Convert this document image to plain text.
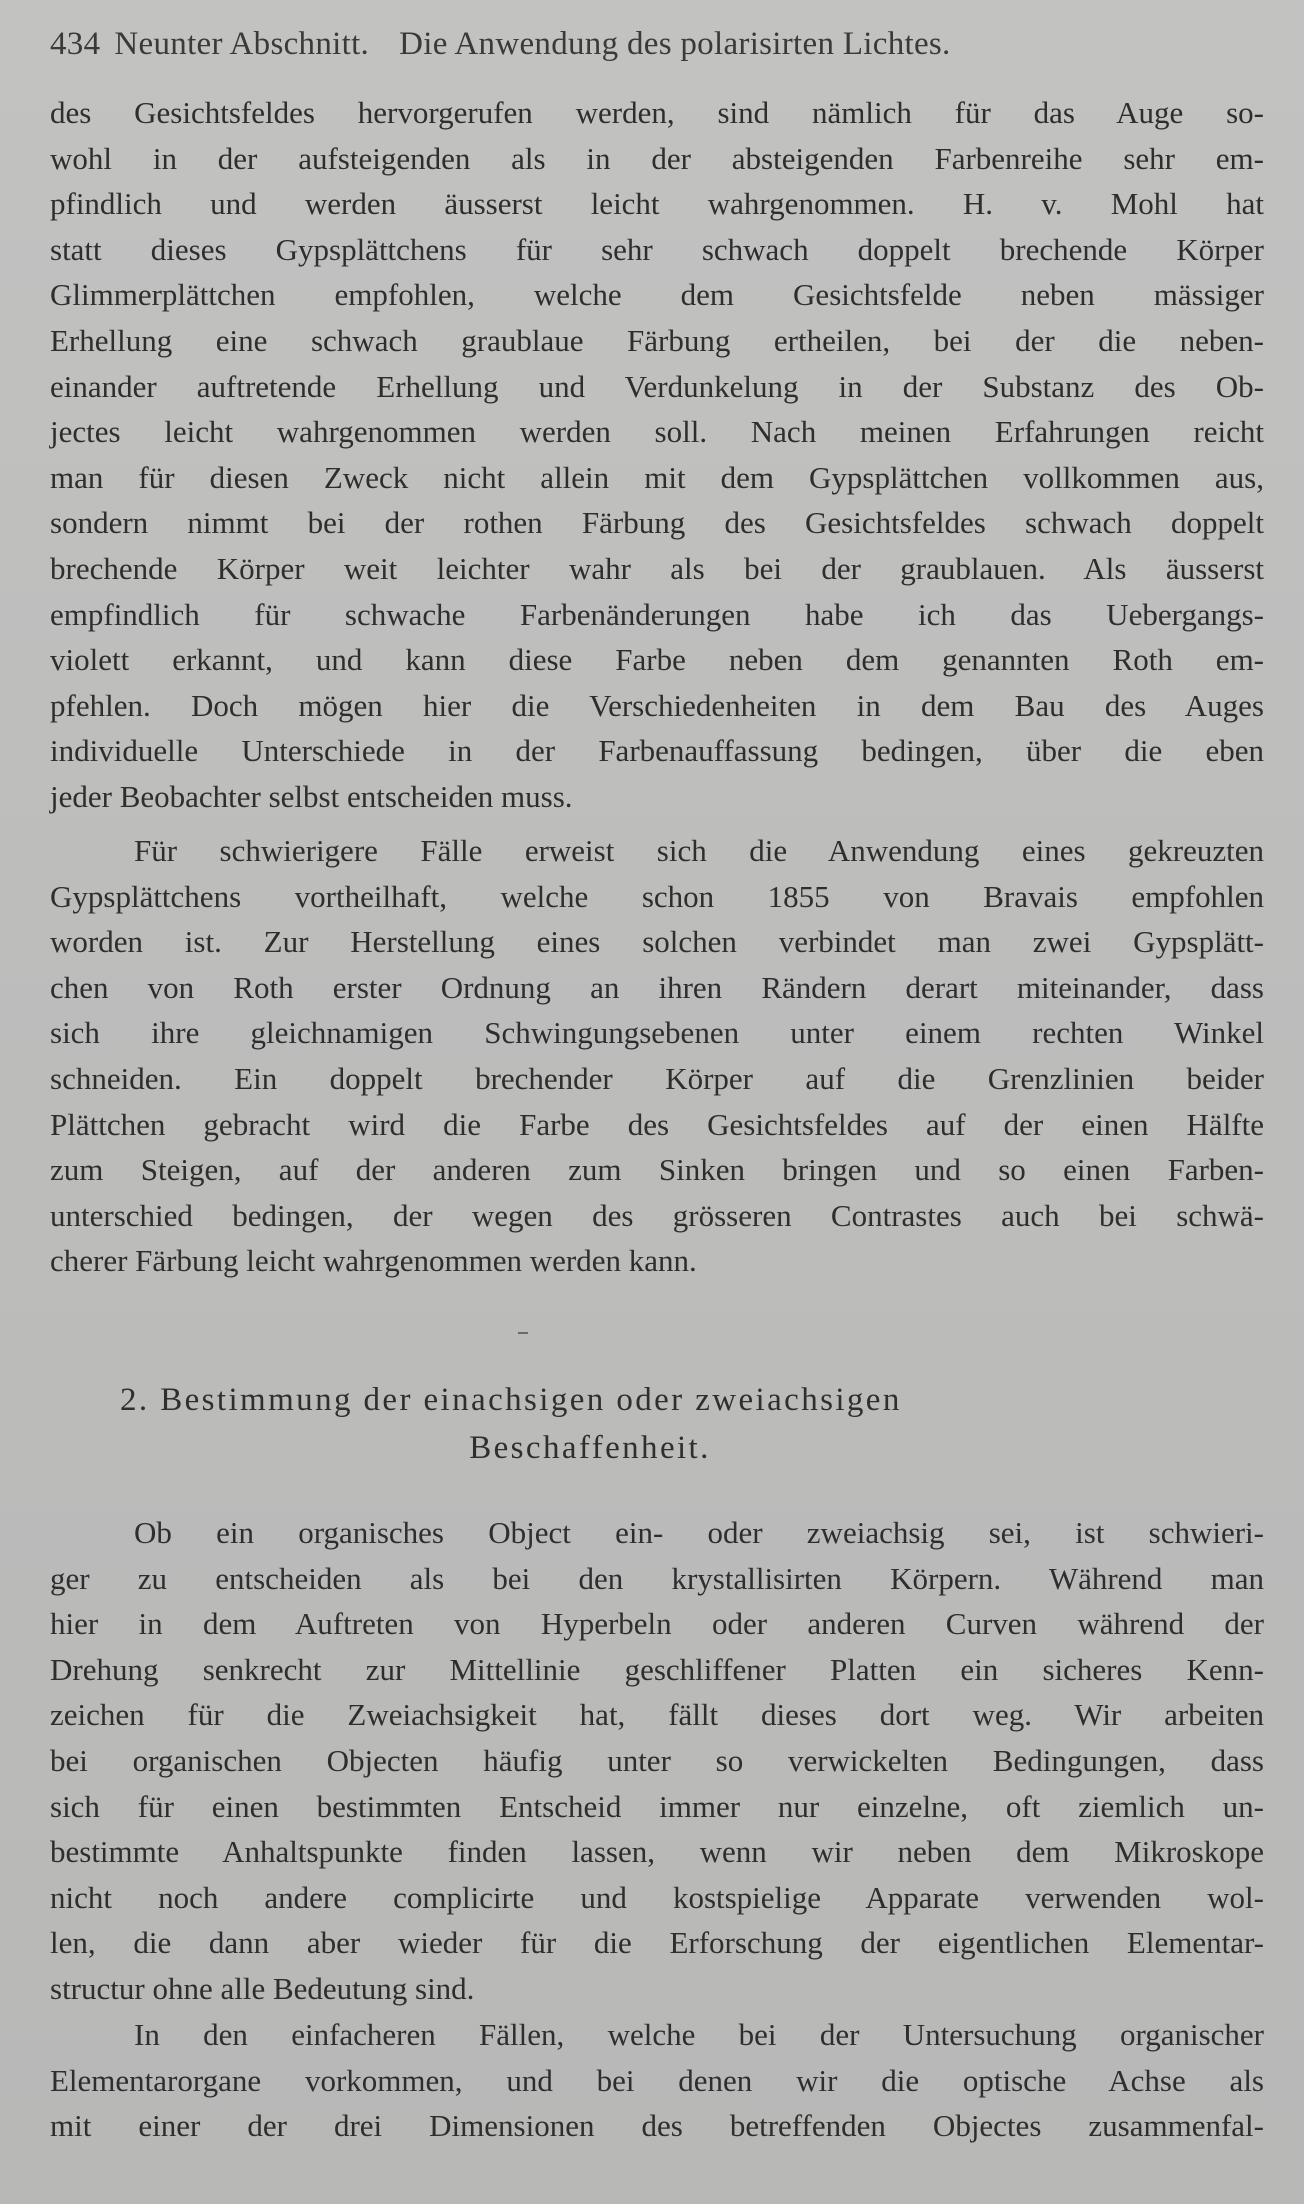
434 Neunter Abschnitt. Die Anwendung des polarisirten Lichtes.
des Gesichtsfeldes hervorgerufen werden, sind nämlich für das Auge so-
wohl in der aufsteigenden als in der absteigenden Farbenreihe sehr em-
pfindlich und werden äusserst leicht wahrgenommen. H. v. Mohl hat
statt dieses Gypsplättchens für sehr schwach doppelt brechende Körper
Glimmerplättchen empfohlen, welche dem Gesichtsfelde neben mässiger
Erhellung eine schwach graublaue Färbung ertheilen, bei der die neben-
einander auftretende Erhellung und Verdunkelung in der Substanz des Ob-
jectes leicht wahrgenommen werden soll. Nach meinen Erfahrungen reicht
man für diesen Zweck nicht allein mit dem Gypsplättchen vollkommen aus,
sondern nimmt bei der rothen Färbung des Gesichtsfeldes schwach doppelt
brechende Körper weit leichter wahr als bei der graublauen. Als äusserst
empfindlich für schwache Farbenänderungen habe ich das Uebergangs-
violett erkannt, und kann diese Farbe neben dem genannten Roth em-
pfehlen. Doch mögen hier die Verschiedenheiten in dem Bau des Auges
individuelle Unterschiede in der Farbenauffassung bedingen, über die eben
jeder Beobachter selbst entscheiden muss.
Für schwierigere Fälle erweist sich die Anwendung eines gekreuzten
Gypsplättchens vortheilhaft, welche schon 1855 von Bravais empfohlen
worden ist. Zur Herstellung eines solchen verbindet man zwei Gypsplätt-
chen von Roth erster Ordnung an ihren Rändern derart miteinander, dass
sich ihre gleichnamigen Schwingungsebenen unter einem rechten Winkel
schneiden. Ein doppelt brechender Körper auf die Grenzlinien beider
Plättchen gebracht wird die Farbe des Gesichtsfeldes auf der einen Hälfte
zum Steigen, auf der anderen zum Sinken bringen und so einen Farben-
unterschied bedingen, der wegen des grösseren Contrastes auch bei schwä-
cherer Färbung leicht wahrgenommen werden kann.
2. Bestimmung der einachsigen oder zweiachsigen
Beschaffenheit.
Ob ein organisches Object ein- oder zweiachsig sei, ist schwieri-
ger zu entscheiden als bei den krystallisirten Körpern. Während man
hier in dem Auftreten von Hyperbeln oder anderen Curven während der
Drehung senkrecht zur Mittellinie geschliffener Platten ein sicheres Kenn-
zeichen für die Zweiachsigkeit hat, fällt dieses dort weg. Wir arbeiten
bei organischen Objecten häufig unter so verwickelten Bedingungen, dass
sich für einen bestimmten Entscheid immer nur einzelne, oft ziemlich un-
bestimmte Anhaltspunkte finden lassen, wenn wir neben dem Mikroskope
nicht noch andere complicirte und kostspielige Apparate verwenden wol-
len, die dann aber wieder für die Erforschung der eigentlichen Elementar-
structur ohne alle Bedeutung sind.
In den einfacheren Fällen, welche bei der Untersuchung organischer
Elementarorgane vorkommen, und bei denen wir die optische Achse als
mit einer der drei Dimensionen des betreffenden Objectes zusammenfal-
